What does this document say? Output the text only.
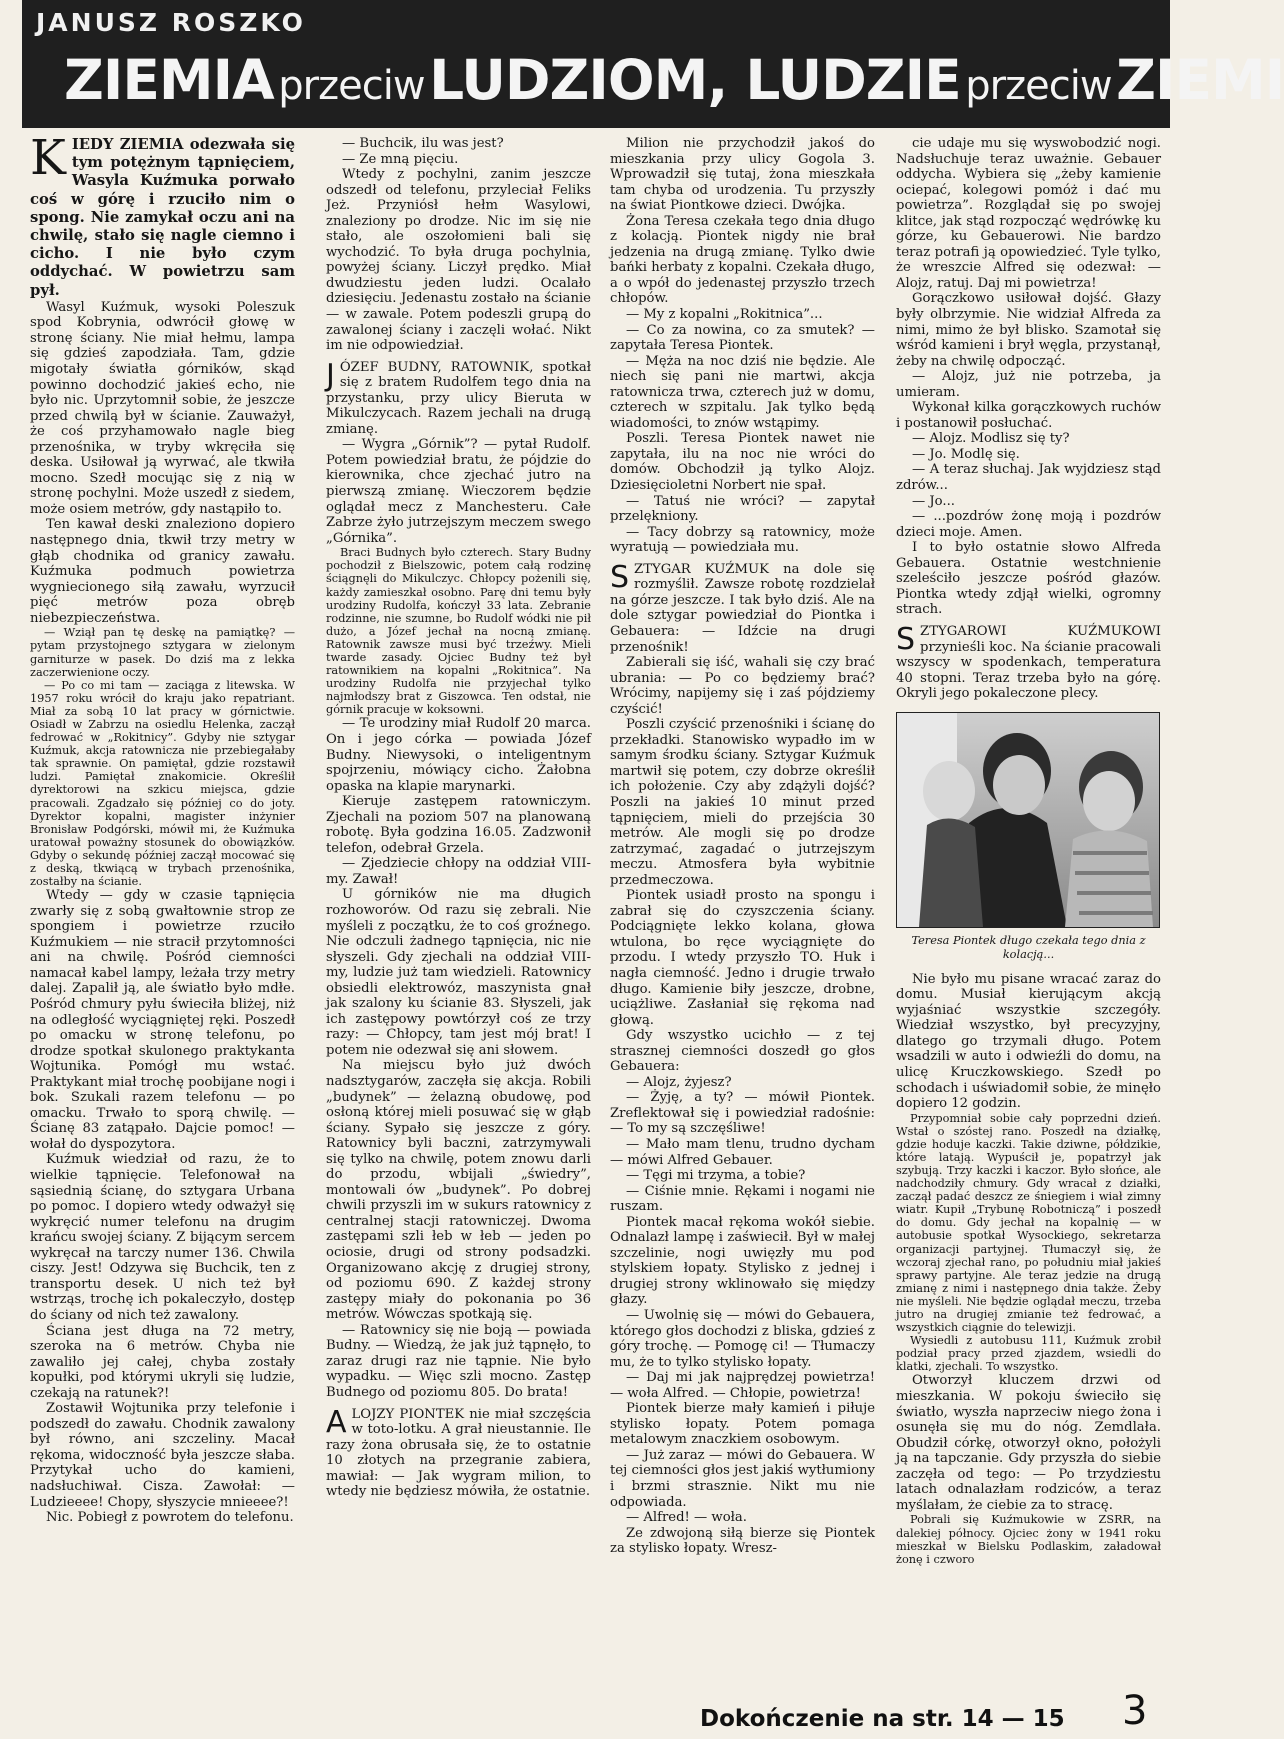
JANUSZ ROSZKO
ZIEMIA przeciw LUDZIOM, LUDZIE przeciw ZIEMI

KIEDY ZIEMIA odezwała się tym potężnym tąpnięciem, Wasyla Kuźmuka porwało coś w górę i rzuciło nim o spong. Nie zamykał oczu ani na chwilę, stało się nagle ciemno i cicho. I nie było czym oddychać. W powietrzu sam pył.

Wasyl Kuźmuk, wysoki Poleszuk spod Kobrynia, odwrócił głowę w stronę ściany. Nie miał hełmu, lampa się gdzieś zapodziała. Tam, gdzie migotały światła górników, skąd powinno dochodzić jakieś echo, nie było nic. Uprzytomnił sobie, że jeszcze przed chwilą był w ścianie. Zauważył, że coś przyhamowało nagle bieg przenośnika, w tryby wkręciła się deska. Usiłował ją wyrwać, ale tkwiła mocno. Szedł mocując się z nią w stronę pochylni. Może uszedł z siedem, może osiem metrów, gdy nastąpiło to.

Ten kawał deski znaleziono dopiero następnego dnia, tkwił trzy metry w głąb chodnika od granicy zawału. Kuźmuka podmuch powietrza wygniecionego siłą zawału, wyrzucił pięć metrów poza obręb niebezpieczeństwa.

— Wziął pan tę deskę na pamiątkę? — pytam przystojnego sztygara w zielonym garniturze w pasek. Do dziś ma z lekka zaczerwienione oczy.

— Po co mi tam — zaciąga z litewska. W 1957 roku wrócił do kraju jako repatriant. Miał za sobą 10 lat pracy w górnictwie. Osiadł w Zabrzu na osiedlu Helenka, zaczął fedrować w „Rokitnicy”. Gdyby nie sztygar Kuźmuk, akcja ratownicza nie przebiegałaby tak sprawnie. On pamiętał, gdzie rozstawił ludzi. Pamiętał znakomicie. Określił dyrektorowi na szkicu miejsca, gdzie pracowali. Zgadzało się później co do joty. Dyrektor kopalni, magister inżynier Bronisław Podgórski, mówił mi, że Kuźmuka uratował poważny stosunek do obowiązków. Gdyby o sekundę później zaczął mocować się z deską, tkwiącą w trybach przenośnika, zostałby na ścianie.

Wtedy — gdy w czasie tąpnięcia zwarły się z sobą gwałtownie strop ze spongiem i powietrze rzuciło Kuźmukiem — nie stracił przytomności ani na chwilę. Pośród ciemności namacał kabel lampy, leżała trzy metry dalej. Zapalił ją, ale światło było mdłe. Pośród chmury pyłu świeciła bliżej, niż na odległość wyciągniętej ręki. Poszedł po omacku w stronę telefonu, po drodze spotkał skulonego praktykanta Wojtunika. Pomógł mu wstać. Praktykant miał trochę poobijane nogi i bok. Szukali razem telefonu — po omacku. Trwało to sporą chwilę. — Ścianę 83 zatąpało. Dajcie pomoc! — wołał do dyspozytora.

Kuźmuk wiedział od razu, że to wielkie tąpnięcie. Telefonował na sąsiednią ścianę, do sztygara Urbana po pomoc. I dopiero wtedy odważył się wykręcić numer telefonu na drugim krańcu swojej ściany. Z bijącym sercem wykręcał na tarczy numer 136. Chwila ciszy. Jest! Odzywa się Buchcik, ten z transportu desek. U nich też był wstrząs, trochę ich pokaleczyło, dostęp do ściany od nich też zawalony.

Ściana jest długa na 72 metry, szeroka na 6 metrów. Chyba nie zawaliło jej całej, chyba zostały kopułki, pod którymi ukryli się ludzie, czekają na ratunek?!

Zostawił Wojtunika przy telefonie i podszedł do zawału. Chodnik zawalony był równo, ani szczeliny. Macał rękoma, widoczność była jeszcze słaba. Przytykał ucho do kamieni, nadsłuchiwał. Cisza. Zawołał: — Ludzieeee! Chopy, słyszycie mnieeee?!

Nic. Pobiegł z powrotem do telefonu.

— Buchcik, ilu was jest?

— Ze mną pięciu.

Wtedy z pochylni, zanim jeszcze odszedł od telefonu, przyleciał Feliks Jeż. Przyniósł hełm Wasylowi, znaleziony po drodze. Nic im się nie stało, ale oszołomieni bali się wychodzić. To była druga pochylnia, powyżej ściany. Liczył prędko. Miał dwudziestu jeden ludzi. Ocalało dziesięciu. Jedenastu zostało na ścianie — w zawale. Potem podeszli grupą do zawalonej ściany i zaczęli wołać. Nikt im nie odpowiedział.

JÓZEF BUDNY, RATOWNIK, spotkał się z bratem Rudolfem tego dnia na przystanku, przy ulicy Bieruta w Mikulczycach. Razem jechali na drugą zmianę.

— Wygra „Górnik”? — pytał Rudolf. Potem powiedział bratu, że pójdzie do kierownika, chce zjechać jutro na pierwszą zmianę. Wieczorem będzie oglądał mecz z Manchesteru. Całe Zabrze żyło jutrzejszym meczem swego „Górnika”.

Braci Budnych było czterech. Stary Budny pochodził z Bielszowic, potem całą rodzinę ściągnęli do Mikulczyc. Chłopcy pożenili się, każdy zamieszkał osobno. Parę dni temu były urodziny Rudolfa, kończył 33 lata. Zebranie rodzinne, nie szumne, bo Rudolf wódki nie pił dużo, a Józef jechał na nocną zmianę. Ratownik zawsze musi być trzeźwy. Mieli twarde zasady. Ojciec Budny też był ratownikiem na kopalni „Rokitnica”. Na urodziny Rudolfa nie przyjechał tylko najmłodszy brat z Giszowca. Ten odstał, nie górnik pracuje w koksowni.

— Te urodziny miał Rudolf 20 marca. On i jego córka — powiada Józef Budny. Niewysoki, o inteligentnym spojrzeniu, mówiący cicho. Żałobna opaska na klapie marynarki.

Kieruje zastępem ratowniczym. Zjechali na poziom 507 na planowaną robotę. Była godzina 16.05. Zadzwonił telefon, odebrał Grzela.

— Zjedziecie chłopy na oddział VIII-my. Zawał!

U górników nie ma długich rozhoworów. Od razu się zebrali. Nie myśleli z początku, że to coś groźnego. Nie odczuli żadnego tąpnięcia, nic nie słyszeli. Gdy zjechali na oddział VIII-my, ludzie już tam wiedzieli. Ratownicy obsiedli elektrowóz, maszynista gnał jak szalony ku ścianie 83. Słyszeli, jak ich zastępowy powtórzył coś ze trzy razy: — Chłopcy, tam jest mój brat! I potem nie odezwał się ani słowem.

Na miejscu było już dwóch nadsztygarów, zaczęła się akcja. Robili „budynek” — żelazną obudowę, pod osłoną której mieli posuwać się w głąb ściany. Sypało się jeszcze z góry. Ratownicy byli baczni, zatrzymywali się tylko na chwilę, potem znowu darli do przodu, wbijali „świedry”, montowali ów „budynek”. Po dobrej chwili przyszli im w sukurs ratownicy z centralnej stacji ratowniczej. Dwoma zastępami szli łeb w łeb — jeden po ociosie, drugi od strony podsadzki. Organizowano akcję z drugiej strony, od poziomu 690. Z każdej strony zastępy miały do pokonania po 36 metrów. Wówczas spotkają się.

— Ratownicy się nie boją — powiada Budny. — Wiedzą, że jak już tąpnęło, to zaraz drugi raz nie tąpnie. Nie było wypadku. — Więc szli mocno. Zastęp Budnego od poziomu 805. Do brata!

ALOJZY PIONTEK nie miał szczęścia w toto-lotku. A grał nieustannie. Ile razy żona obrusała się, że to ostatnie 10 złotych na przegranie zabiera, mawiał: — Jak wygram milion, to wtedy nie będziesz mówiła, że ostatnie.

Milion nie przychodził jakoś do mieszkania przy ulicy Gogola 3. Wprowadził się tutaj, żona mieszkała tam chyba od urodzenia. Tu przyszły na świat Piontkowe dzieci. Dwójka.

Żona Teresa czekała tego dnia długo z kolacją. Piontek nigdy nie brał jedzenia na drugą zmianę. Tylko dwie bańki herbaty z kopalni. Czekała długo, a o wpół do jedenastej przyszło trzech chłopów.

— My z kopalni „Rokitnica”...

— Co za nowina, co za smutek? — zapytała Teresa Piontek.

— Męża na noc dziś nie będzie. Ale niech się pani nie martwi, akcja ratownicza trwa, czterech już w domu, czterech w szpitalu. Jak tylko będą wiadomości, to znów wstąpimy.

Poszli. Teresa Piontek nawet nie zapytała, ilu na noc nie wróci do domów. Obchodził ją tylko Alojz. Dziesięcioletni Norbert nie spał.

— Tatuś nie wróci? — zapytał przelękniony.

— Tacy dobrzy są ratownicy, może wyratują — powiedziała mu.

SZTYGAR KUŹMUK na dole się rozmyślił. Zawsze robotę rozdzielał na górze jeszcze. I tak było dziś. Ale na dole sztygar powiedział do Piontka i Gebauera: — Idźcie na drugi przenośnik!

Zabierali się iść, wahali się czy brać ubrania: — Po co będziemy brać? Wrócimy, napijemy się i zaś pójdziemy czyścić!

Poszli czyścić przenośniki i ścianę do przekładki. Stanowisko wypadło im w samym środku ściany. Sztygar Kuźmuk martwił się potem, czy dobrze określił ich położenie. Czy aby zdążyli dojść? Poszli na jakieś 10 minut przed tąpnięciem, mieli do przejścia 30 metrów. Ale mogli się po drodze zatrzymać, zagadać o jutrzejszym meczu. Atmosfera była wybitnie przedmeczowa.

Piontek usiadł prosto na spongu i zabrał się do czyszczenia ściany. Podciągnięte lekko kolana, głowa wtulona, bo ręce wyciągnięte do przodu. I wtedy przyszło TO. Huk i nagła ciemność. Jedno i drugie trwało długo. Kamienie biły jeszcze, drobne, uciążliwe. Zasłaniał się rękoma nad głową.

Gdy wszystko ucichło — z tej strasznej ciemności doszedł go głos Gebauera:

— Alojz, żyjesz?

— Żyję, a ty? — mówił Piontek. Zreflektował się i powiedział radośnie: — To my są szczęśliwe!

— Mało mam tlenu, trudno dycham — mówi Alfred Gebauer.

— Tęgi mi trzyma, a tobie?

— Ciśnie mnie. Rękami i nogami nie ruszam.

Piontek macał rękoma wokół siebie. Odnalazł lampę i zaświecił. Był w małej szczelinie, nogi uwięzły mu pod stylskiem łopaty. Stylisko z jednej i drugiej strony wklinowało się między głazy.

— Uwolnię się — mówi do Gebauera, którego głos dochodzi z bliska, gdzieś z góry trochę. — Pomogę ci! — Tłumaczy mu, że to tylko stylisko łopaty.

— Daj mi jak najprędzej powietrza! — woła Alfred. — Chłopie, powietrza!

Piontek bierze mały kamień i piłuje stylisko łopaty. Potem pomaga metalowym znaczkiem osobowym.

— Już zaraz — mówi do Gebauera. W tej ciemności głos jest jakiś wytłumiony i brzmi strasznie. Nikt mu nie odpowiada.

— Alfred! — woła.

Ze zdwojoną siłą bierze się Piontek za stylisko łopaty. Wresz-

cie udaje mu się wyswobodzić nogi. Nadsłuchuje teraz uważnie. Gebauer oddycha. Wybiera się „żeby kamienie ociepać, kolegowi pomóż i dać mu powietrza”. Rozglądał się po swojej klitce, jak stąd rozpocząć wędrówkę ku górze, ku Gebauerowi. Nie bardzo teraz potrafi ją opowiedzieć. Tyle tylko, że wreszcie Alfred się odezwał: — Alojz, ratuj. Daj mi powietrza!

Gorączkowo usiłował dojść. Głazy były olbrzymie. Nie widział Alfreda za nimi, mimo że był blisko. Szamotał się wśród kamieni i brył węgla, przystanął, żeby na chwilę odpocząć.

— Alojz, już nie potrzeba, ja umieram.

Wykonał kilka gorączkowych ruchów i postanowił posłuchać.

— Alojz. Modlisz się ty?

— Jo. Modlę się.

— A teraz słuchaj. Jak wyjdziesz stąd zdrów...

— Jo...

— ...pozdrów żonę moją i pozdrów dzieci moje. Amen.

I to było ostatnie słowo Alfreda Gebauera. Ostatnie westchnienie szeleściło jeszcze pośród głazów. Piontka wtedy zdjął wielki, ogromny strach.

SZTYGAROWI KUŹMUKOWI przynieśli koc. Na ścianie pracowali wszyscy w spodenkach, temperatura 40 stopni. Teraz trzeba było na górę. Okryli jego pokaleczone plecy.

Teresa Piontek długo czekała tego dnia z kolacją...

Nie było mu pisane wracać zaraz do domu. Musiał kierującym akcją wyjaśniać wszystkie szczegóły. Wiedział wszystko, był precyzyjny, dlatego go trzymali długo. Potem wsadzili w auto i odwieźli do domu, na ulicę Kruczkowskiego. Szedł po schodach i uświadomił sobie, że minęło dopiero 12 godzin.

Przypomniał sobie cały poprzedni dzień. Wstał o szóstej rano. Poszedł na działkę, gdzie hoduje kaczki. Takie dziwne, półdzikie, które latają. Wypuścił je, popatrzył jak szybują. Trzy kaczki i kaczor. Było słońce, ale nadchodziły chmury. Gdy wracał z działki, zaczął padać deszcz ze śniegiem i wiał zimny wiatr. Kupił „Trybunę Robotniczą” i poszedł do domu. Gdy jechał na kopalnię — w autobusie spotkał Wysockiego, sekretarza organizacji partyjnej. Tłumaczył się, że wczoraj zjechał rano, po południu miał jakieś sprawy partyjne. Ale teraz jedzie na drugą zmianę z nimi i następnego dnia także. Żeby nie myśleli. Nie będzie oglądał meczu, trzeba jutro na drugiej zmianie też fedrować, a wszystkich ciągnie do telewizji.

Wysiedli z autobusu 111, Kuźmuk zrobił podział pracy przed zjazdem, wsiedli do klatki, zjechali. To wszystko.

Otworzył kluczem drzwi od mieszkania. W pokoju świeciło się światło, wyszła naprzeciw niego żona i osunęła się mu do nóg. Zemdlała. Obudził córkę, otworzył okno, położyli ją na tapczanie. Gdy przyszła do siebie zaczęła od tego: — Po trzydziestu latach odnalazłam rodziców, a teraz myślałam, że ciebie za to stracę.

Pobrali się Kuźmukowie w ZSRR, na dalekiej północy. Ojciec żony w 1941 roku mieszkał w Bielsku Podlaskim, załadował żonę i czworo

Dokończenie na str. 14 — 15 3
